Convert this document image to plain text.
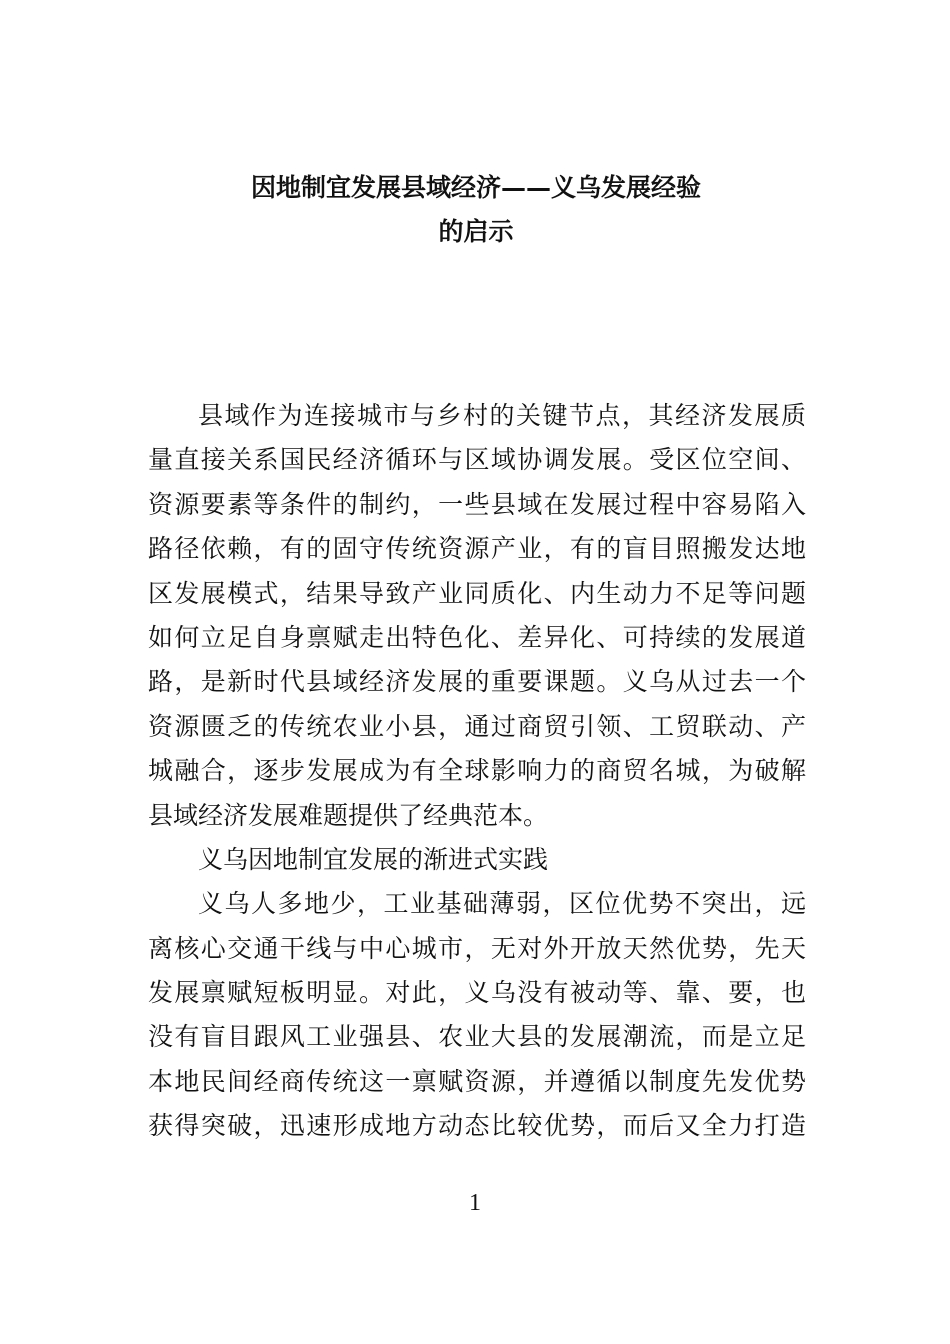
因地制宜发展县域经济——义乌发展经验
的启示
县域作为连接城市与乡村的关键节点，其经济发展质
量直接关系国民经济循环与区域协调发展。受区位空间、
资源要素等条件的制约，一些县域在发展过程中容易陷入
路径依赖，有的固守传统资源产业，有的盲目照搬发达地
区发展模式，结果导致产业同质化、内生动力不足等问题
如何立足自身禀赋走出特色化、差异化、可持续的发展道
路，是新时代县域经济发展的重要课题。义乌从过去一个
资源匮乏的传统农业小县，通过商贸引领、工贸联动、产
城融合，逐步发展成为有全球影响力的商贸名城，为破解
县域经济发展难题提供了经典范本。
义乌因地制宜发展的渐进式实践
义乌人多地少，工业基础薄弱，区位优势不突出，远
离核心交通干线与中心城市，无对外开放天然优势，先天
发展禀赋短板明显。对此，义乌没有被动等、靠、要，也
没有盲目跟风工业强县、农业大县的发展潮流，而是立足
本地民间经商传统这一禀赋资源，并遵循以制度先发优势
获得突破，迅速形成地方动态比较优势，而后又全力打造
1
